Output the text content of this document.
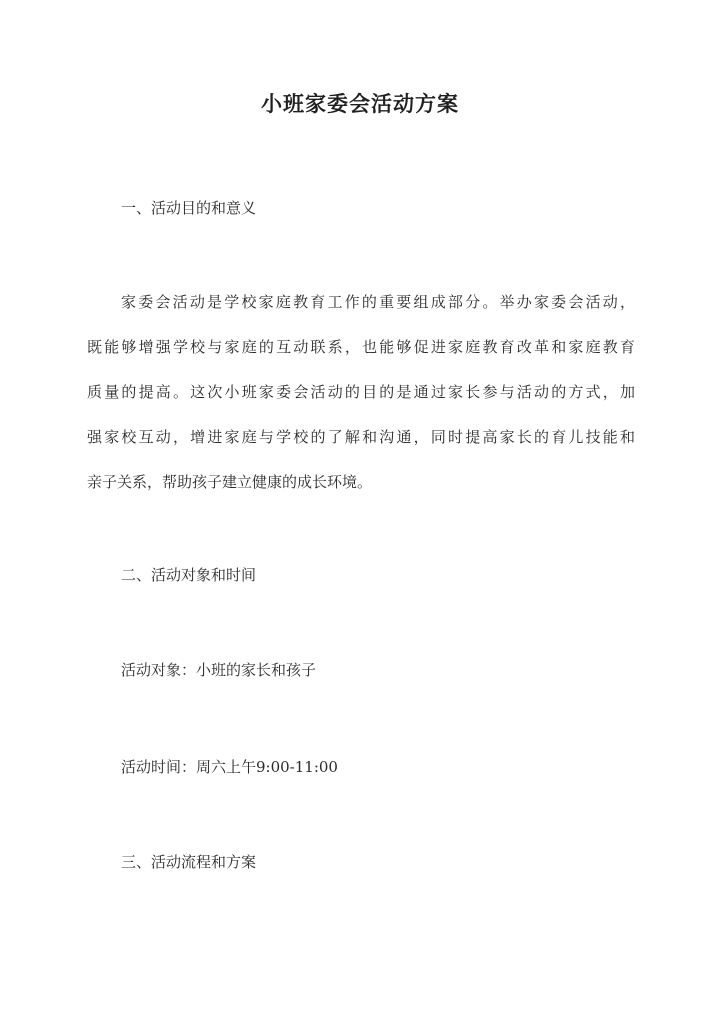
小班家委会活动方案
一、活动目的和意义
家委会活动是学校家庭教育工作的重要组成部分。举办家委会活动，
既能够增强学校与家庭的互动联系，也能够促进家庭教育改革和家庭教育
质量的提高。这次小班家委会活动的目的是通过家长参与活动的方式，加
强家校互动，增进家庭与学校的了解和沟通，同时提高家长的育儿技能和
亲子关系，帮助孩子建立健康的成长环境。
二、活动对象和时间
活动对象：小班的家长和孩子
活动时间：周六上午9:00-11:00
三、活动流程和方案
